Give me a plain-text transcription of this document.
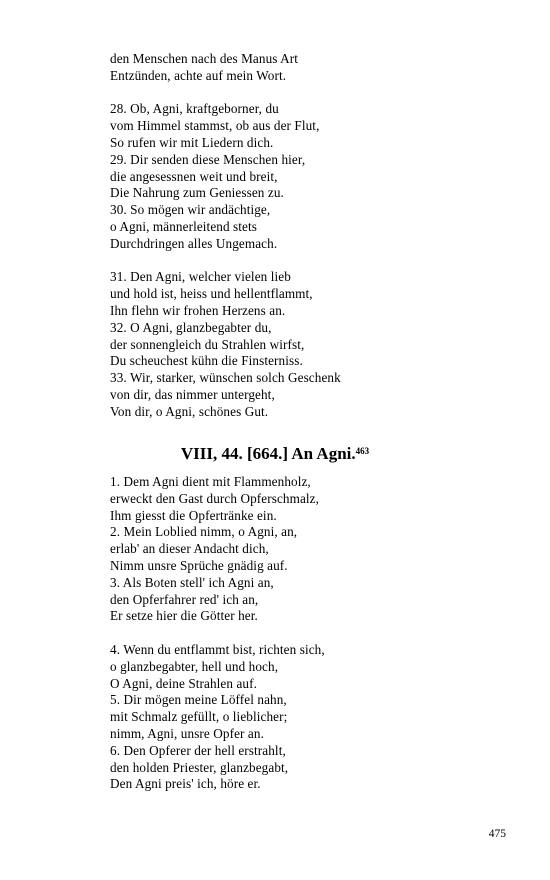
den Menschen nach des Manus Art
Entzünden, achte auf mein Wort.
28. Ob, Agni, kraftgeborner, du
vom Himmel stammst, ob aus der Flut,
So rufen wir mit Liedern dich.
29. Dir senden diese Menschen hier,
die angesessnen weit und breit,
Die Nahrung zum Geniessen zu.
30. So mögen wir andächtige,
o Agni, männerleitend stets
Durchdringen alles Ungemach.
31. Den Agni, welcher vielen lieb
und hold ist, heiss und hellentflammt,
Ihn flehn wir frohen Herzens an.
32. O Agni, glanzbegabter du,
der sonnengleich du Strahlen wirfst,
Du scheuchest kühn die Finsterniss.
33. Wir, starker, wünschen solch Geschenk
von dir, das nimmer untergeht,
Von dir, o Agni, schönes Gut.
VIII, 44. [664.] An Agni.$^{463}$
1. Dem Agni dient mit Flammenholz,
erweckt den Gast durch Opferschmalz,
Ihm giesst die Opfertränke ein.
2. Mein Loblied nimm, o Agni, an,
erlab' an dieser Andacht dich,
Nimm unsre Sprüche gnädig auf.
3. Als Boten stell' ich Agni an,
den Opferfahrer red' ich an,
Er setze hier die Götter her.
4. Wenn du entflammt bist, richten sich,
o glanzbegabter, hell und hoch,
O Agni, deine Strahlen auf.
5. Dir mögen meine Löffel nahn,
mit Schmalz gefüllt, o lieblicher;
nimm, Agni, unsre Opfer an.
6. Den Opferer der hell erstrahlt,
den holden Priester, glanzbegabt,
Den Agni preis' ich, höre er.
475
